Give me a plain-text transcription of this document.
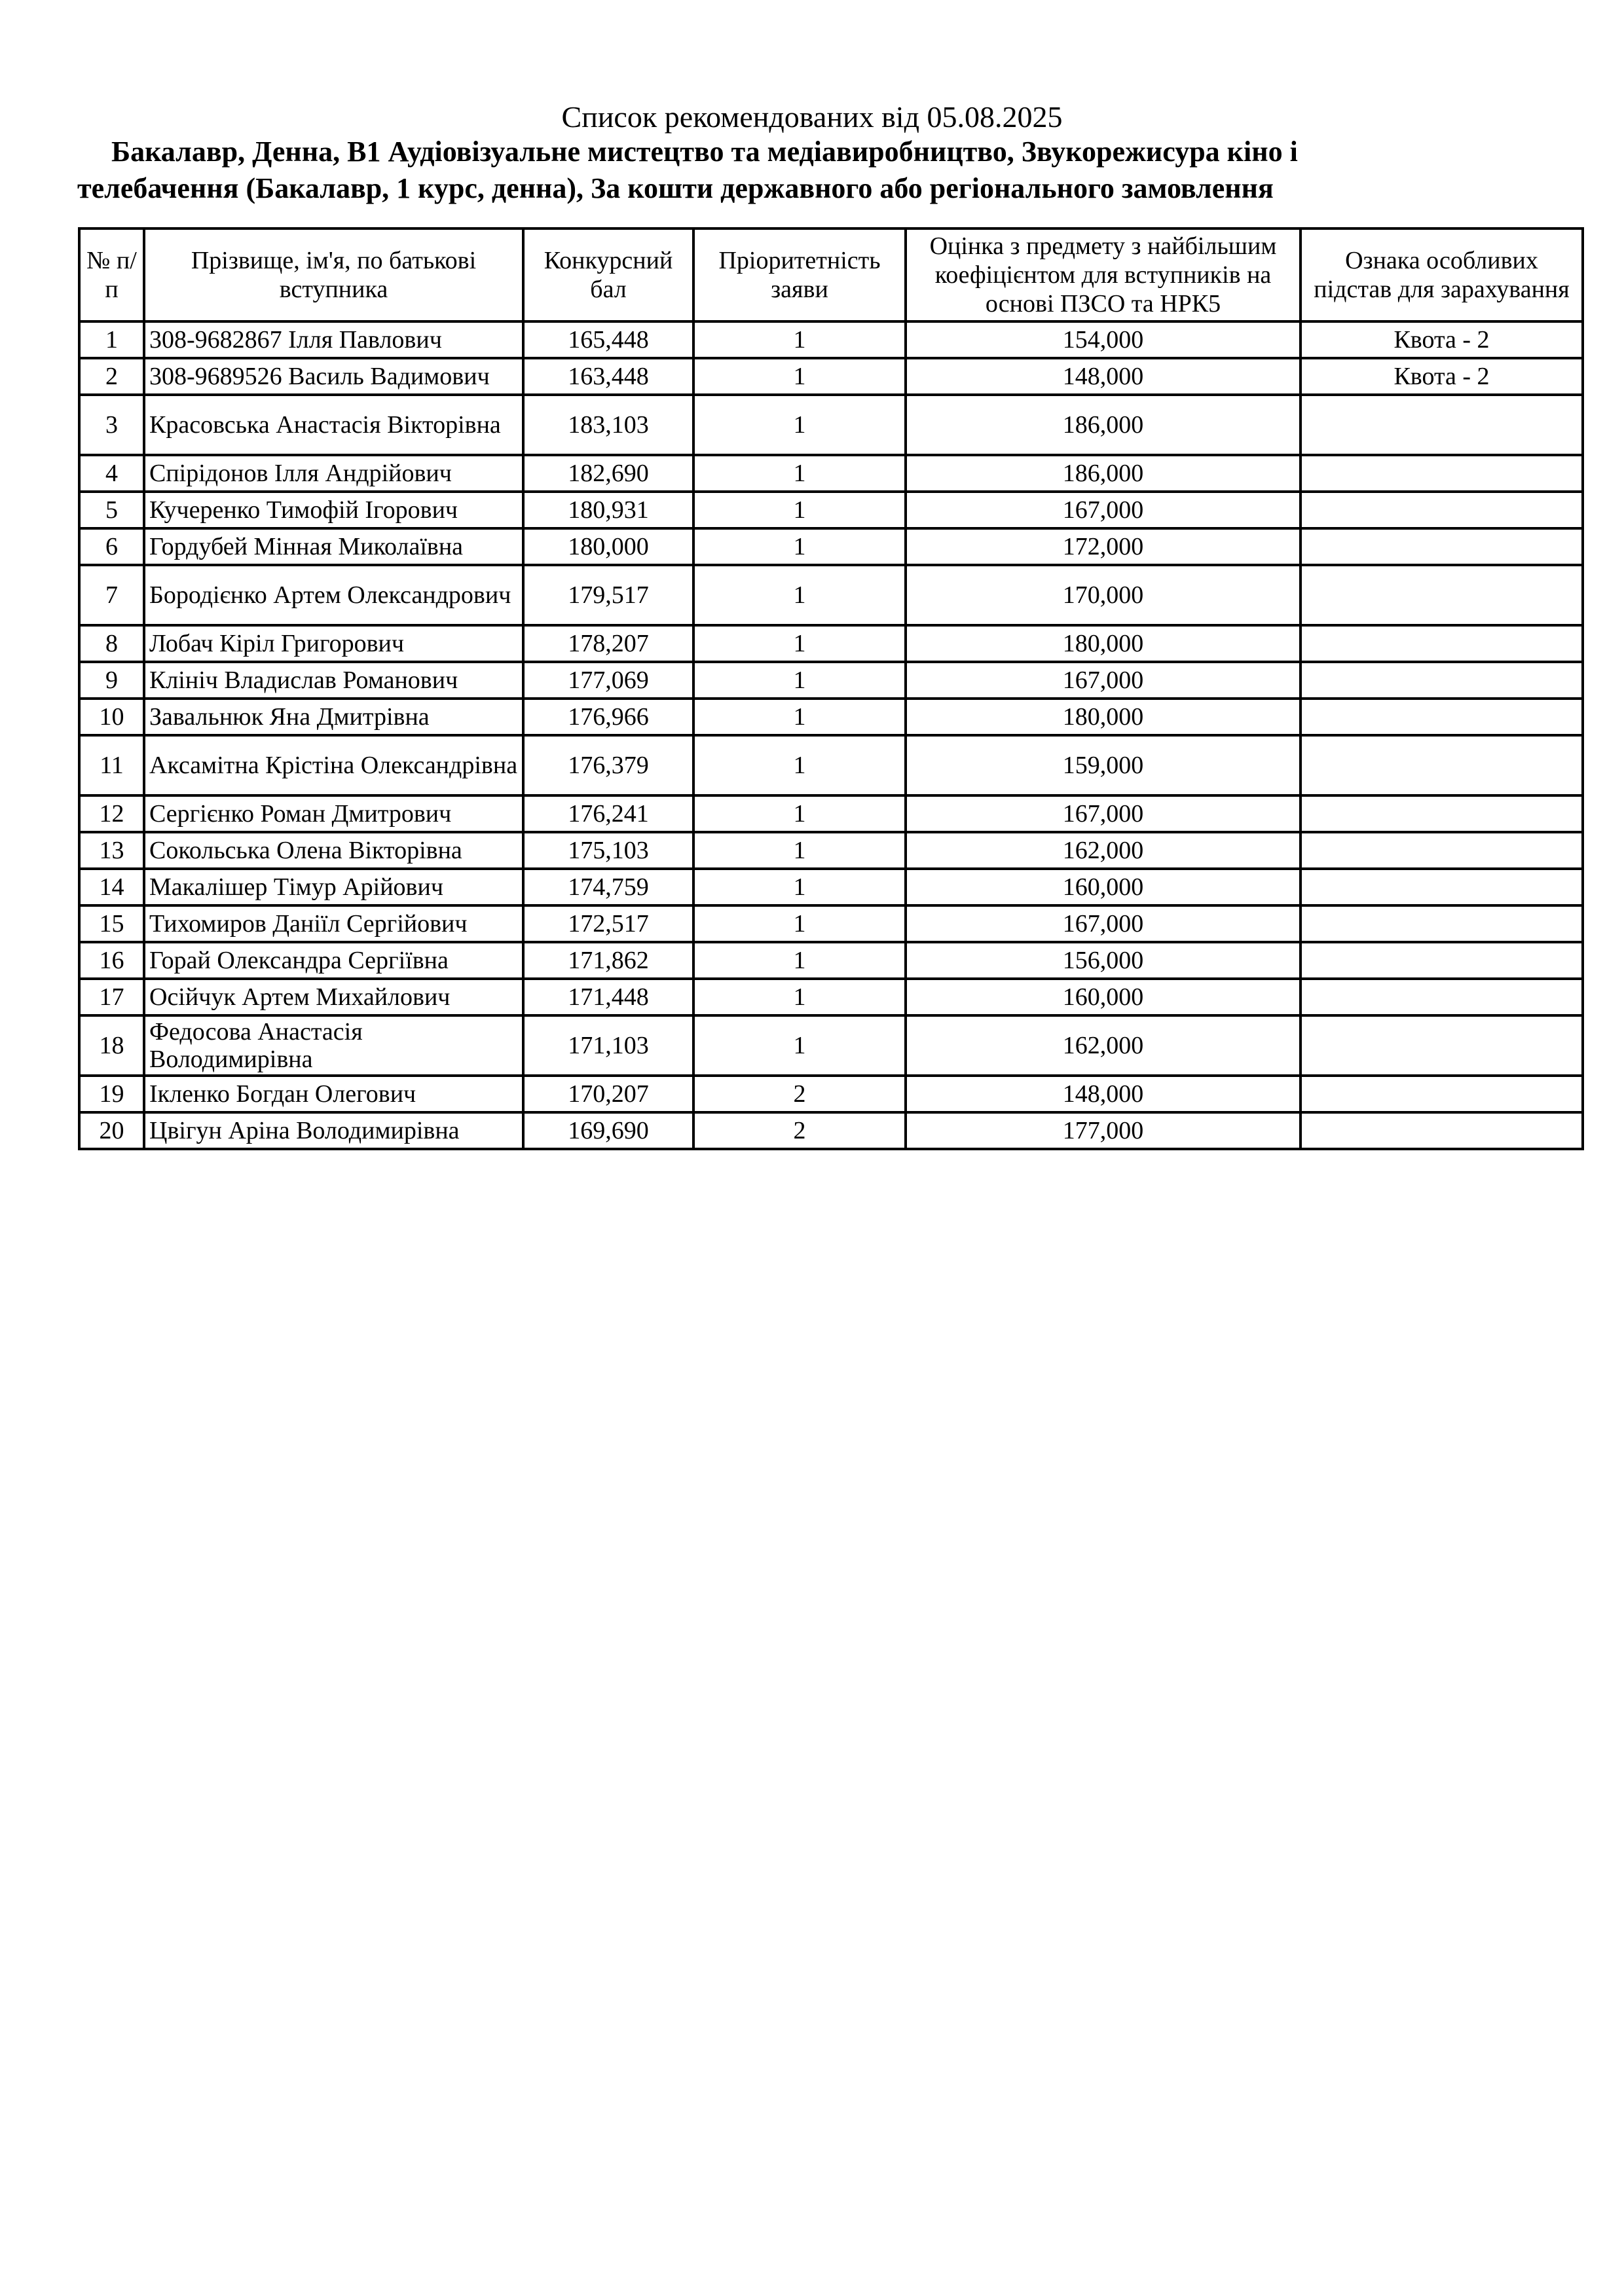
Список рекомендованих від 05.08.2025
Бакалавр, Денна, В1 Аудіовізуальне мистецтво та медіавиробництво, Звукорежисура кіно і
телебачення (Бакалавр, 1 курс, денна), За кошти державного або регіонального замовлення
№ п/п	Прізвище, ім'я, по батькові вступника	Конкурсний бал	Пріоритетність заяви	Оцінка з предмету з найбільшим коефіцієнтом для вступників на основі ПЗСО та НРК5	Ознака особливих підстав для зарахування
1	308-9682867 Ілля Павлович	165,448	1	154,000	Квота - 2
2	308-9689526 Василь Вадимович	163,448	1	148,000	Квота - 2
3	Красовська Анастасія Вікторівна	183,103	1	186,000	
4	Спірідонов Ілля Андрійович	182,690	1	186,000	
5	Кучеренко Тимофій Ігорович	180,931	1	167,000	
6	Гордубей Мінная Миколаївна	180,000	1	172,000	
7	Бородієнко Артем Олександрович	179,517	1	170,000	
8	Лобач Кіріл Григорович	178,207	1	180,000	
9	Клініч Владислав Романович	177,069	1	167,000	
10	Завальнюк Яна Дмитрівна	176,966	1	180,000	
11	Аксамітна Крістіна Олександрівна	176,379	1	159,000	
12	Сергієнко Роман Дмитрович	176,241	1	167,000	
13	Сокольська Олена Вікторівна	175,103	1	162,000	
14	Макалішер Тімур Арійович	174,759	1	160,000	
15	Тихомиров Даніїл Сергійович	172,517	1	167,000	
16	Горай Олександра Сергіївна	171,862	1	156,000	
17	Осійчук Артем Михайлович	171,448	1	160,000	
18	Федосова Анастасія Володимирівна	171,103	1	162,000	
19	Ікленко Богдан Олегович	170,207	2	148,000	
20	Цвігун Аріна Володимирівна	169,690	2	177,000	
